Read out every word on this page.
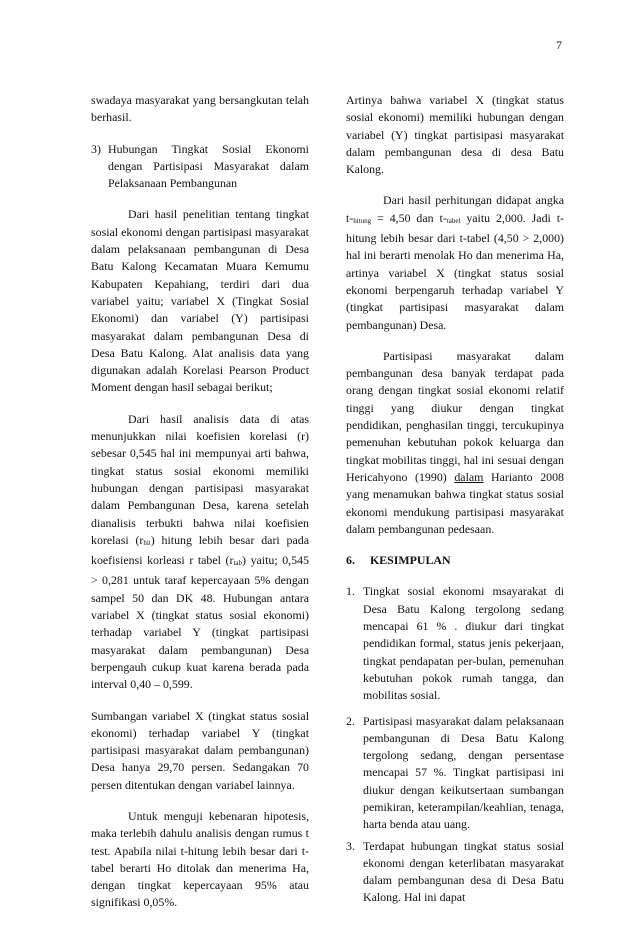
7

swadaya masyarakat yang bersangkutan telah berhasil.

3) Hubungan Tingkat Sosial Ekonomi dengan Partisipasi Masyarakat dalam Pelaksanaan Pembangunan

Dari hasil penelitian tentang tingkat sosial ekonomi dengan partisipasi masyarakat dalam pelaksanaan pembangunan di Desa Batu Kalong Kecamatan Muara Kemumu Kabupaten Kepahiang, terdiri dari dua variabel yaitu; variabel X (Tingkat Sosial Ekonomi) dan variabel (Y) partisipasi masyarakat dalam pembangunan Desa di Desa Batu Kalong. Alat analisis data yang digunakan adalah Korelasi Pearson Product Moment dengan hasil sebagai berikut;

Dari hasil analisis data di atas menunjukkan nilai koefisien korelasi (r) sebesar 0,545 hal ini mempunyai arti bahwa, tingkat status sosial ekonomi memiliki hubungan dengan partisipasi masyarakat dalam Pembangunan Desa, karena setelah dianalisis terbukti bahwa nilai koefisien korelasi (rhit) hitung lebih besar dari pada koefisiensi korleasi r tabel (rtab) yaitu; 0,545 > 0,281 untuk taraf kepercayaan 5% dengan sampel 50 dan DK 48. Hubungan antara variabel X (tingkat status sosial ekonomi) terhadap variabel Y (tingkat partisipasi masyarakat dalam pembangunan) Desa berpengauh cukup kuat karena berada pada interval 0,40 – 0,599.

Sumbangan variabel X (tingkat status sosial ekonomi) terhadap variabel Y (tingkat partisipasi masyarakat dalam pembangunan) Desa hanya 29,70 persen. Sedangakan 70 persen ditentukan dengan variabel lainnya.

Untuk menguji kebenaran hipotesis, maka terlebih dahulu analisis dengan rumus t test. Apabila nilai t-hitung lebih besar dari t-tabel berarti Ho ditolak dan menerima Ha, dengan tingkat kepercayaan 95% atau signifikasi 0,05%.

Artinya bahwa variabel X (tingkat status sosial ekonomi) memiliki hubungan dengan variabel (Y) tingkat partisipasi masyarakat dalam pembangunan desa di desa Batu Kalong.

Dari hasil perhitungan didapat angka t-hitung = 4,50 dan t-tabel yaitu 2,000. Jadi t-hitung lebih besar dari t-tabel (4,50 > 2,000) hal ini berarti menolak Ho dan menerima Ha, artinya variabel X (tingkat status sosial ekonomi berpengaruh terhadap variabel Y (tingkat partisipasi masyarakat dalam pembangunan) Desa.

Partisipasi masyarakat dalam pembangunan desa banyak terdapat pada orang dengan tingkat sosial ekonomi relatif tinggi yang diukur dengan tingkat pendidikan, penghasilan tinggi, tercukupinya pemenuhan kebutuhan pokok keluarga dan tingkat mobilitas tinggi, hal ini sesuai dengan Hericahyono (1990) dalam Harianto 2008 yang menamukan bahwa tingkat status sosial ekonomi mendukung partisipasi masyarakat dalam pembangunan pedesaan.

6.	KESIMPULAN
1. Tingkat sosial ekonomi msayarakat di Desa Batu Kalong tergolong sedang mencapai 61 % . diukur dari tingkat pendidikan formal, status jenis pekerjaan, tingkat pendapatan per-bulan, pemenuhan kebutuhan pokok rumah tangga, dan mobilitas sosial.
2. Partisipasi masyarakat dalam pelaksanaan pembangunan di Desa Batu Kalong tergolong sedang, dengan persentase mencapai 57 %. Tingkat partisipasi ini diukur dengan keikutsertaan sumbangan pemikiran, keterampilan/keahlian, tenaga, harta benda atau uang.
3. Terdapat hubungan tingkat status sosial ekonomi dengan keterlibatan masyarakat dalam pembangunan desa di Desa Batu Kalong. Hal ini dapat
